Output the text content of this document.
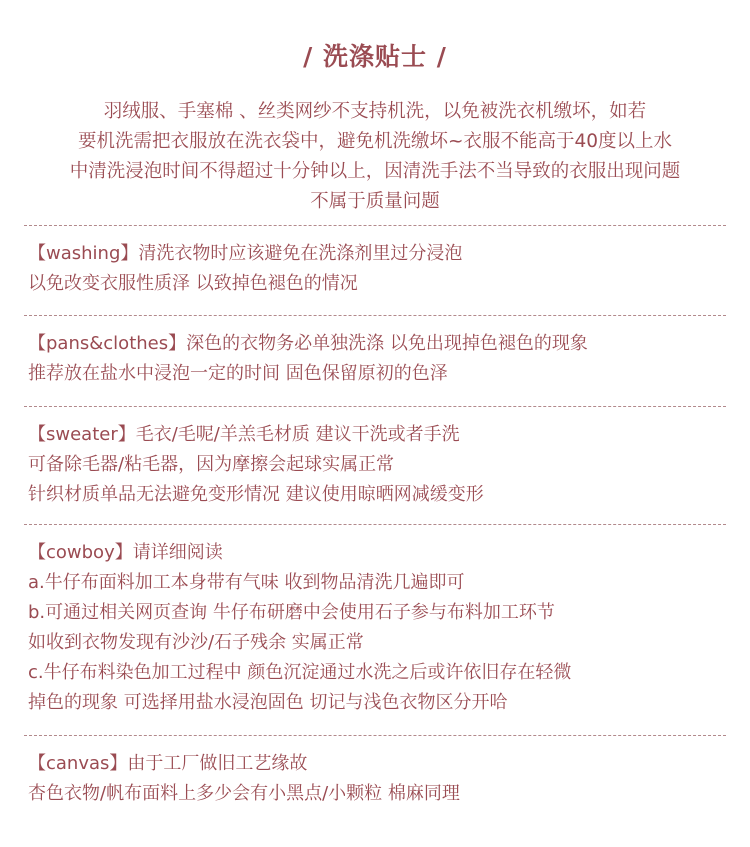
/ 洗涤贴士 /
羽绒服、手塞棉 、丝类网纱不支持机洗，以免被洗衣机缴坏，如若
要机洗需把衣服放在洗衣袋中，避免机洗缴坏~衣服不能高于40度以上水
中清洗浸泡时间不得超过十分钟以上，因清洗手法不当导致的衣服出现问题
不属于质量问题
【washing】清洗衣物时应该避免在洗涤剂里过分浸泡
以免改变衣服性质泽 以致掉色褪色的情况
【pans&clothes】深色的衣物务必单独洗涤 以免出现掉色褪色的现象
推荐放在盐水中浸泡一定的时间 固色保留原初的色泽
【sweater】毛衣/毛呢/羊羔毛材质 建议干洗或者手洗
可备除毛器/粘毛器，因为摩擦会起球实属正常
针织材质单品无法避免变形情况 建议使用晾晒网减缓变形
【cowboy】请详细阅读
a.牛仔布面料加工本身带有气味 收到物品清洗几遍即可
b.可通过相关网页查询 牛仔布研磨中会使用石子参与布料加工环节
如收到衣物发现有沙沙/石子残余 实属正常
c.牛仔布料染色加工过程中 颜色沉淀通过水洗之后或许依旧存在轻微
掉色的现象 可选择用盐水浸泡固色 切记与浅色衣物区分开哈
【canvas】由于工厂做旧工艺缘故
杏色衣物/帆布面料上多少会有小黑点/小颗粒 棉麻同理
